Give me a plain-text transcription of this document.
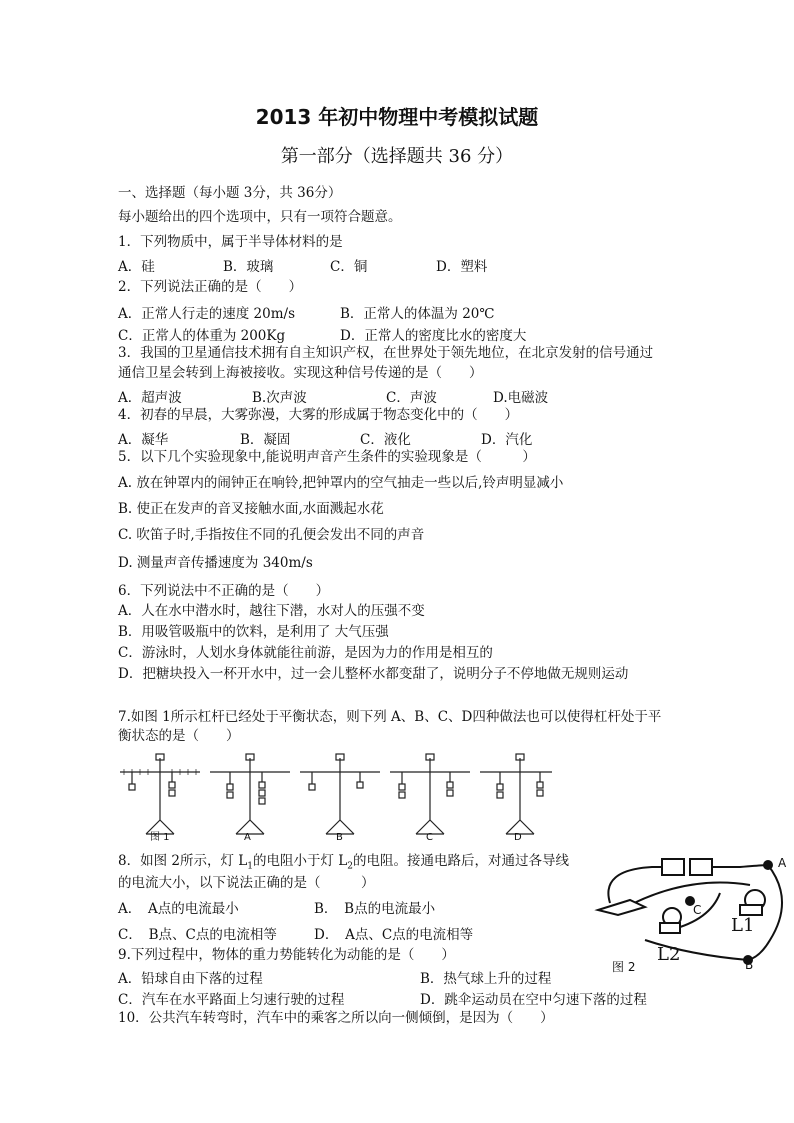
2013 年初中物理中考模拟试题
第一部分（选择题共 36 分）
一、选择题（每小题 3分，共 36分）
每小题给出的四个选项中，只有一项符合题意。
1．下列物质中，属于半导体材料的是
A．硅	B．玻璃	C．铜	D．塑料
2．下列说法正确的是（　　）
A．正常人行走的速度 20m/s	B．正常人的体温为 20℃
C．正常人的体重为 200Kg	D．正常人的密度比水的密度大
3．我国的卫星通信技术拥有自主知识产权，在世界处于领先地位，在北京发射的信号通过
通信卫星会转到上海被接收。实现这种信号传递的是（　　）
A．超声波	B.次声波	C．声波	D.电磁波
4．初春的早晨，大雾弥漫，大雾的形成属于物态变化中的（　　）
A．凝华	B．凝固	C．液化	D．汽化
5．以下几个实验现象中,能说明声音产生条件的实验现象是（　　　）
A. 放在钟罩内的闹钟正在响铃,把钟罩内的空气抽走一些以后,铃声明显减小
B. 使正在发声的音叉接触水面,水面溅起水花
C. 吹笛子时,手指按住不同的孔便会发出不同的声音
D. 测量声音传播速度为 340m/s
6．下列说法中不正确的是（　　）
A．人在水中潜水时，越往下潜，水对人的压强不变
B．用吸管吸瓶中的饮料，是利用了 大气压强
C．游泳时，人划水身体就能往前游，是因为力的作用是相互的
D．把糖块投入一杯开水中，过一会儿整杯水都变甜了，说明分子不停地做无规则运动
7.如图 1所示杠杆已经处于平衡状态，则下列 A、B、C、D四种做法也可以使得杠杆处于平
衡状态的是（　　）
图 1	A	B	C	D
8．如图 2所示，灯 $L_1$的电阻小于灯 $L_2$的电阻。接通电路后，对通过各导线
的电流大小，以下说法正确的是（　　　）
A．　A点的电流最小	B．　B点的电流最小
C．　B点、C点的电流相等	D．　A点、C点的电流相等
A
B
C
L1
L2
图 2
9.下列过程中，物体的重力势能转化为动能的是（　　）
A．铅球自由下落的过程	B．热气球上升的过程
C．汽车在水平路面上匀速行驶的过程	D．跳伞运动员在空中匀速下落的过程
10．公共汽车转弯时，汽车中的乘客之所以向一侧倾倒，是因为（　　）
